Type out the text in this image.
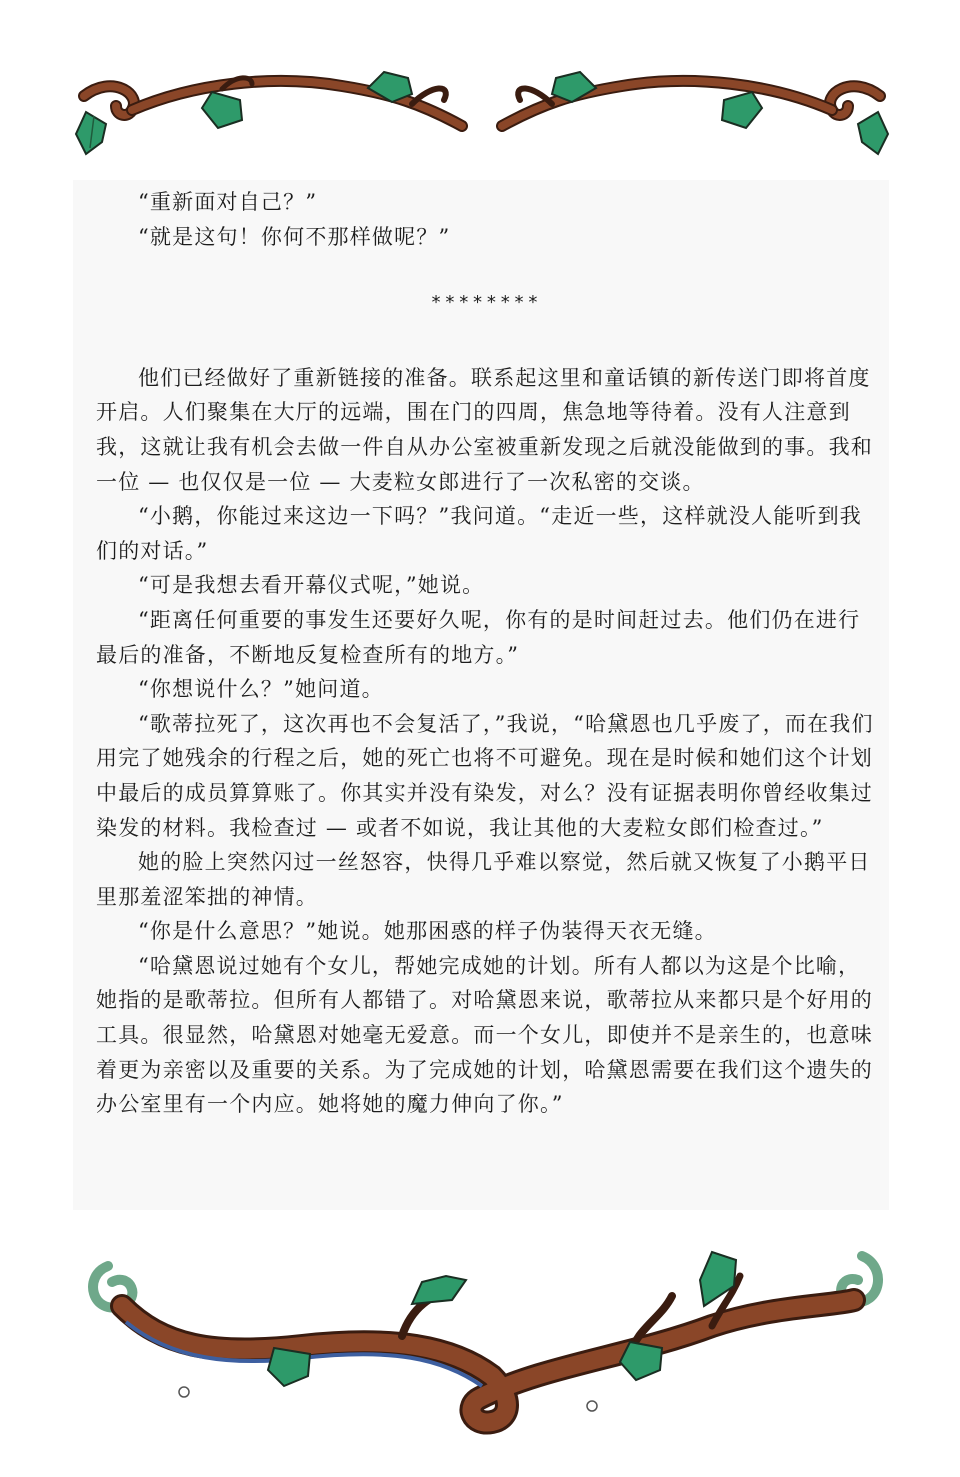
“重新面对自己？”

“就是这句！你何不那样做呢？”

********

他们已经做好了重新链接的准备。联系起这里和童话镇的新传送门即将首度开启。人们聚集在大厅的远端，围在门的四周，焦急地等待着。没有人注意到我，这就让我有机会去做一件自从办公室被重新发现之后就没能做到的事。我和一位 — 也仅仅是一位 — 大麦粒女郎进行了一次私密的交谈。

“小鹅，你能过来这边一下吗？”我问道。“走近一些，这样就没人能听到我们的对话。”

“可是我想去看开幕仪式呢，”她说。

“距离任何重要的事发生还要好久呢，你有的是时间赶过去。他们仍在进行最后的准备，不断地反复检查所有的地方。”

“你想说什么？”她问道。

“歌蒂拉死了，这次再也不会复活了，”我说，“哈黛恩也几乎废了，而在我们用完了她残余的行程之后，她的死亡也将不可避免。现在是时候和她们这个计划中最后的成员算算账了。你其实并没有染发，对么？没有证据表明你曾经收集过染发的材料。我检查过 — 或者不如说，我让其他的大麦粒女郎们检查过。”

她的脸上突然闪过一丝怒容，快得几乎难以察觉，然后就又恢复了小鹅平日里那羞涩笨拙的神情。

“你是什么意思？”她说。她那困惑的样子伪装得天衣无缝。

“哈黛恩说过她有个女儿，帮她完成她的计划。所有人都以为这是个比喻，她指的是歌蒂拉。但所有人都错了。对哈黛恩来说，歌蒂拉从来都只是个好用的工具。很显然，哈黛恩对她毫无爱意。而一个女儿，即使并不是亲生的，也意味着更为亲密以及重要的关系。为了完成她的计划，哈黛恩需要在我们这个遗失的办公室里有一个内应。她将她的魔力伸向了你。”
